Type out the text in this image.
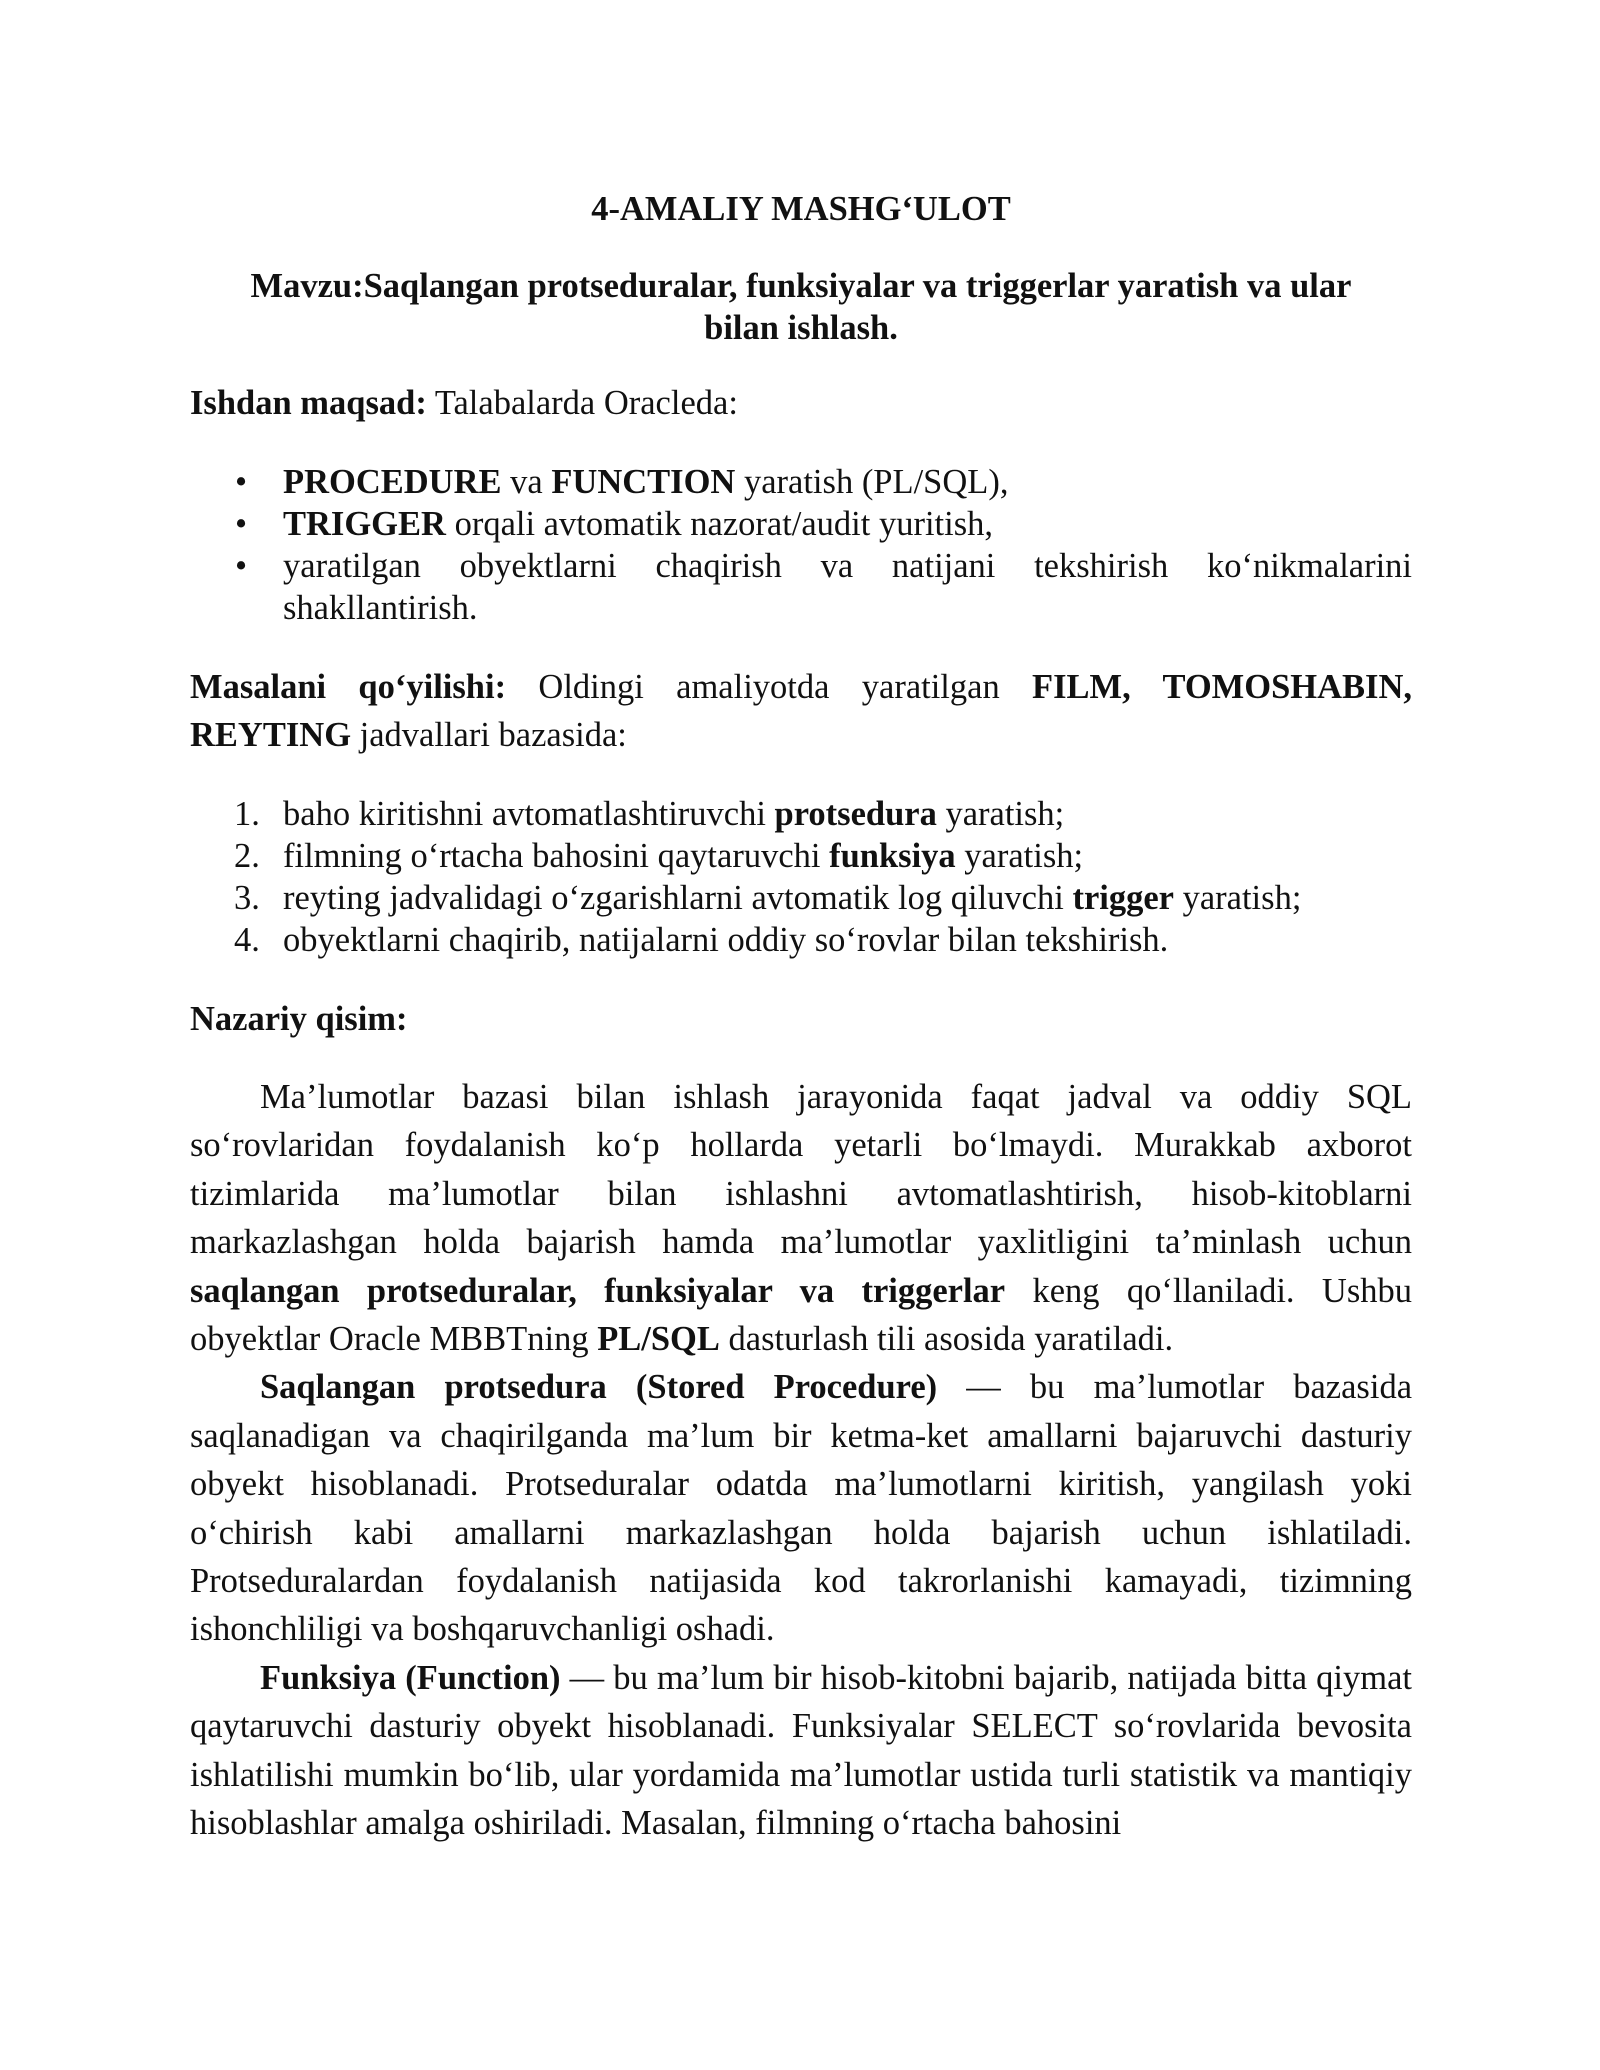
4-AMALIY MASHG‘ULOT
Mavzu:Saqlangan protseduralar, funksiyalar va triggerlar yaratish va ular bilan ishlash.
Ishdan maqsad: Talabalarda Oracleda:
• PROCEDURE va FUNCTION yaratish (PL/SQL),
• TRIGGER orqali avtomatik nazorat/audit yuritish,
• yaratilgan obyektlarni chaqirish va natijani tekshirish ko‘nikmalarini shakllantirish.
Masalani qo‘yilishi: Oldingi amaliyotda yaratilgan FILM, TOMOSHABIN, REYTING jadvallari bazasida:
1. baho kiritishni avtomatlashtiruvchi protsedura yaratish;
2. filmning o‘rtacha bahosini qaytaruvchi funksiya yaratish;
3. reyting jadvalidagi o‘zgarishlarni avtomatik log qiluvchi trigger yaratish;
4. obyektlarni chaqirib, natijalarni oddiy so‘rovlar bilan tekshirish.
Nazariy qisim:

Ma’lumotlar bazasi bilan ishlash jarayonida faqat jadval va oddiy SQL so‘rovlaridan foydalanish ko‘p hollarda yetarli bo‘lmaydi. Murakkab axborot tizimlarida ma’lumotlar bilan ishlashni avtomatlashtirish, hisob-kitoblarni markazlashgan holda bajarish hamda ma’lumotlar yaxlitligini ta’minlash uchun saqlangan protseduralar, funksiyalar va triggerlar keng qo‘llaniladi. Ushbu obyektlar Oracle MBBTning PL/SQL dasturlash tili asosida yaratiladi.

Saqlangan protsedura (Stored Procedure) — bu ma’lumotlar bazasida saqlanadigan va chaqirilganda ma’lum bir ketma-ket amallarni bajaruvchi dasturiy obyekt hisoblanadi. Protseduralar odatda ma’lumotlarni kiritish, yangilash yoki o‘chirish kabi amallarni markazlashgan holda bajarish uchun ishlatiladi. Protseduralardan foydalanish natijasida kod takrorlanishi kamayadi, tizimning ishonchliligi va boshqaruvchanligi oshadi.

Funksiya (Function) — bu ma’lum bir hisob-kitobni bajarib, natijada bitta qiymat qaytaruvchi dasturiy obyekt hisoblanadi. Funksiyalar SELECT so‘rovlarida bevosita ishlatilishi mumkin bo‘lib, ular yordamida ma’lumotlar ustida turli statistik va mantiqiy hisoblashlar amalga oshiriladi. Masalan, filmning o‘rtacha bahosini
